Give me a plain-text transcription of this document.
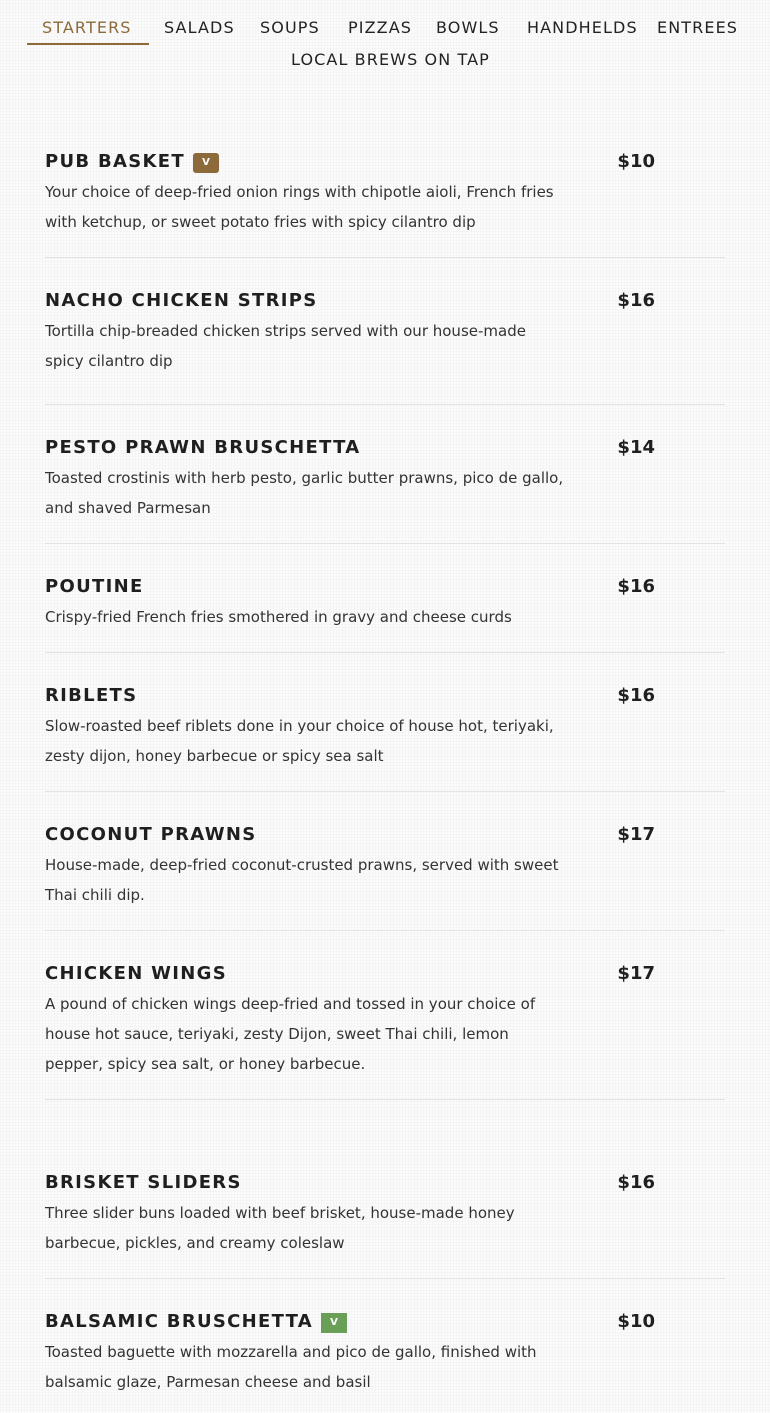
STARTERS SALADS SOUPS PIZZAS BOWLS HANDHELDS ENTREES
LOCAL BREWS ON TAP
PUB BASKET V	$10
Your choice of deep-fried onion rings with chipotle aioli, French fries with ketchup, or sweet potato fries with spicy cilantro dip
NACHO CHICKEN STRIPS	$16
Tortilla chip-breaded chicken strips served with our house-made spicy cilantro dip
PESTO PRAWN BRUSCHETTA	$14
Toasted crostinis with herb pesto, garlic butter prawns, pico de gallo, and shaved Parmesan
POUTINE	$16
Crispy-fried French fries smothered in gravy and cheese curds
RIBLETS	$16
Slow-roasted beef riblets done in your choice of house hot, teriyaki, zesty dijon, honey barbecue or spicy sea salt
COCONUT PRAWNS	$17
House-made, deep-fried coconut-crusted prawns, served with sweet Thai chili dip.
CHICKEN WINGS	$17
A pound of chicken wings deep-fried and tossed in your choice of house hot sauce, teriyaki, zesty Dijon, sweet Thai chili, lemon pepper, spicy sea salt, or honey barbecue.
BRISKET SLIDERS	$16
Three slider buns loaded with beef brisket, house-made honey barbecue, pickles, and creamy coleslaw
BALSAMIC BRUSCHETTA V	$10
Toasted baguette with mozzarella and pico de gallo, finished with balsamic glaze, Parmesan cheese and basil
